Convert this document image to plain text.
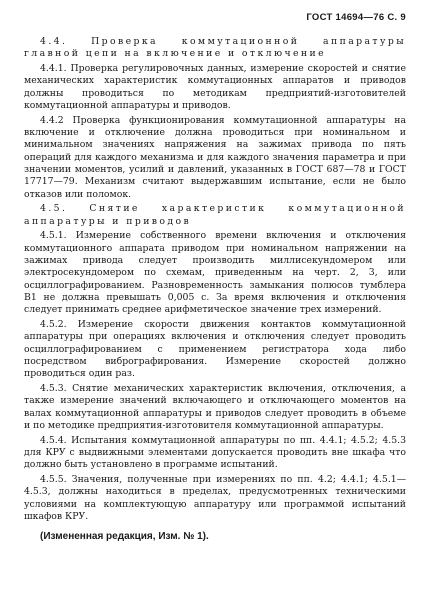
ГОСТ 14694—76 С. 9

4.4. Проверка коммутационной аппаратуры главной цепи на включение и отключение

4.4.1. Проверка регулировочных данных, измерение скоростей и снятие механических характеристик коммутационных аппаратов и приводов должны проводиться по методикам предприятий-изготовителей коммутационной аппаратуры и приводов.

4.4.2 Проверка функционирования коммутационной аппаратуры на включение и отключение должна проводиться при номинальном и минимальном значениях напряжения на зажимах привода по пять операций для каждого механизма и для каждого значения параметра и при значении моментов, усилий и давлений, указанных в ГОСТ 687—78 и ГОСТ 17717—79. Механизм считают выдержавшим испытание, если не было отказов или поломок.

4.5. Снятие характеристик коммутационной аппаратуры и приводов

4.5.1. Измерение собственного времени включения и отключения коммутационного аппарата приводом при номинальном напряжении на зажимах привода следует производить миллисекундомером или электросекундомером по схемам, приведенным на черт. 2, 3, или осциллографированием. Разновременность замыкания полюсов тумблера В1 не должна превышать 0,005 с. За время включения и отключения следует принимать среднее арифметическое значение трех измерений.

4.5.2. Измерение скорости движения контактов коммутационной аппаратуры при операциях включения и отключения следует проводить осциллографированием с применением регистратора хода либо посредством вибрографирования. Измерение скоростей должно проводиться один раз.

4.5.3. Снятие механических характеристик включения, отключения, а также измерение значений включающего и отключающего моментов на валах коммутационной аппаратуры и приводов следует проводить в объеме и по методике предприятия-изготовителя коммутационной аппаратуры.

4.5.4. Испытания коммутационной аппаратуры по пп. 4.4.1; 4.5.2; 4.5.3 для КРУ с выдвижными элементами допускается проводить вне шкафа что должно быть установлено в программе испытаний.

4.5.5. Значения, полученные при измерениях по пп. 4.2; 4.4.1; 4.5.1—4.5.3, должны находиться в пределах, предусмотренных техническими условиями на комплектующую аппаратуру или программой испытаний шкафов КРУ.

(Измененная редакция, Изм. № 1).
